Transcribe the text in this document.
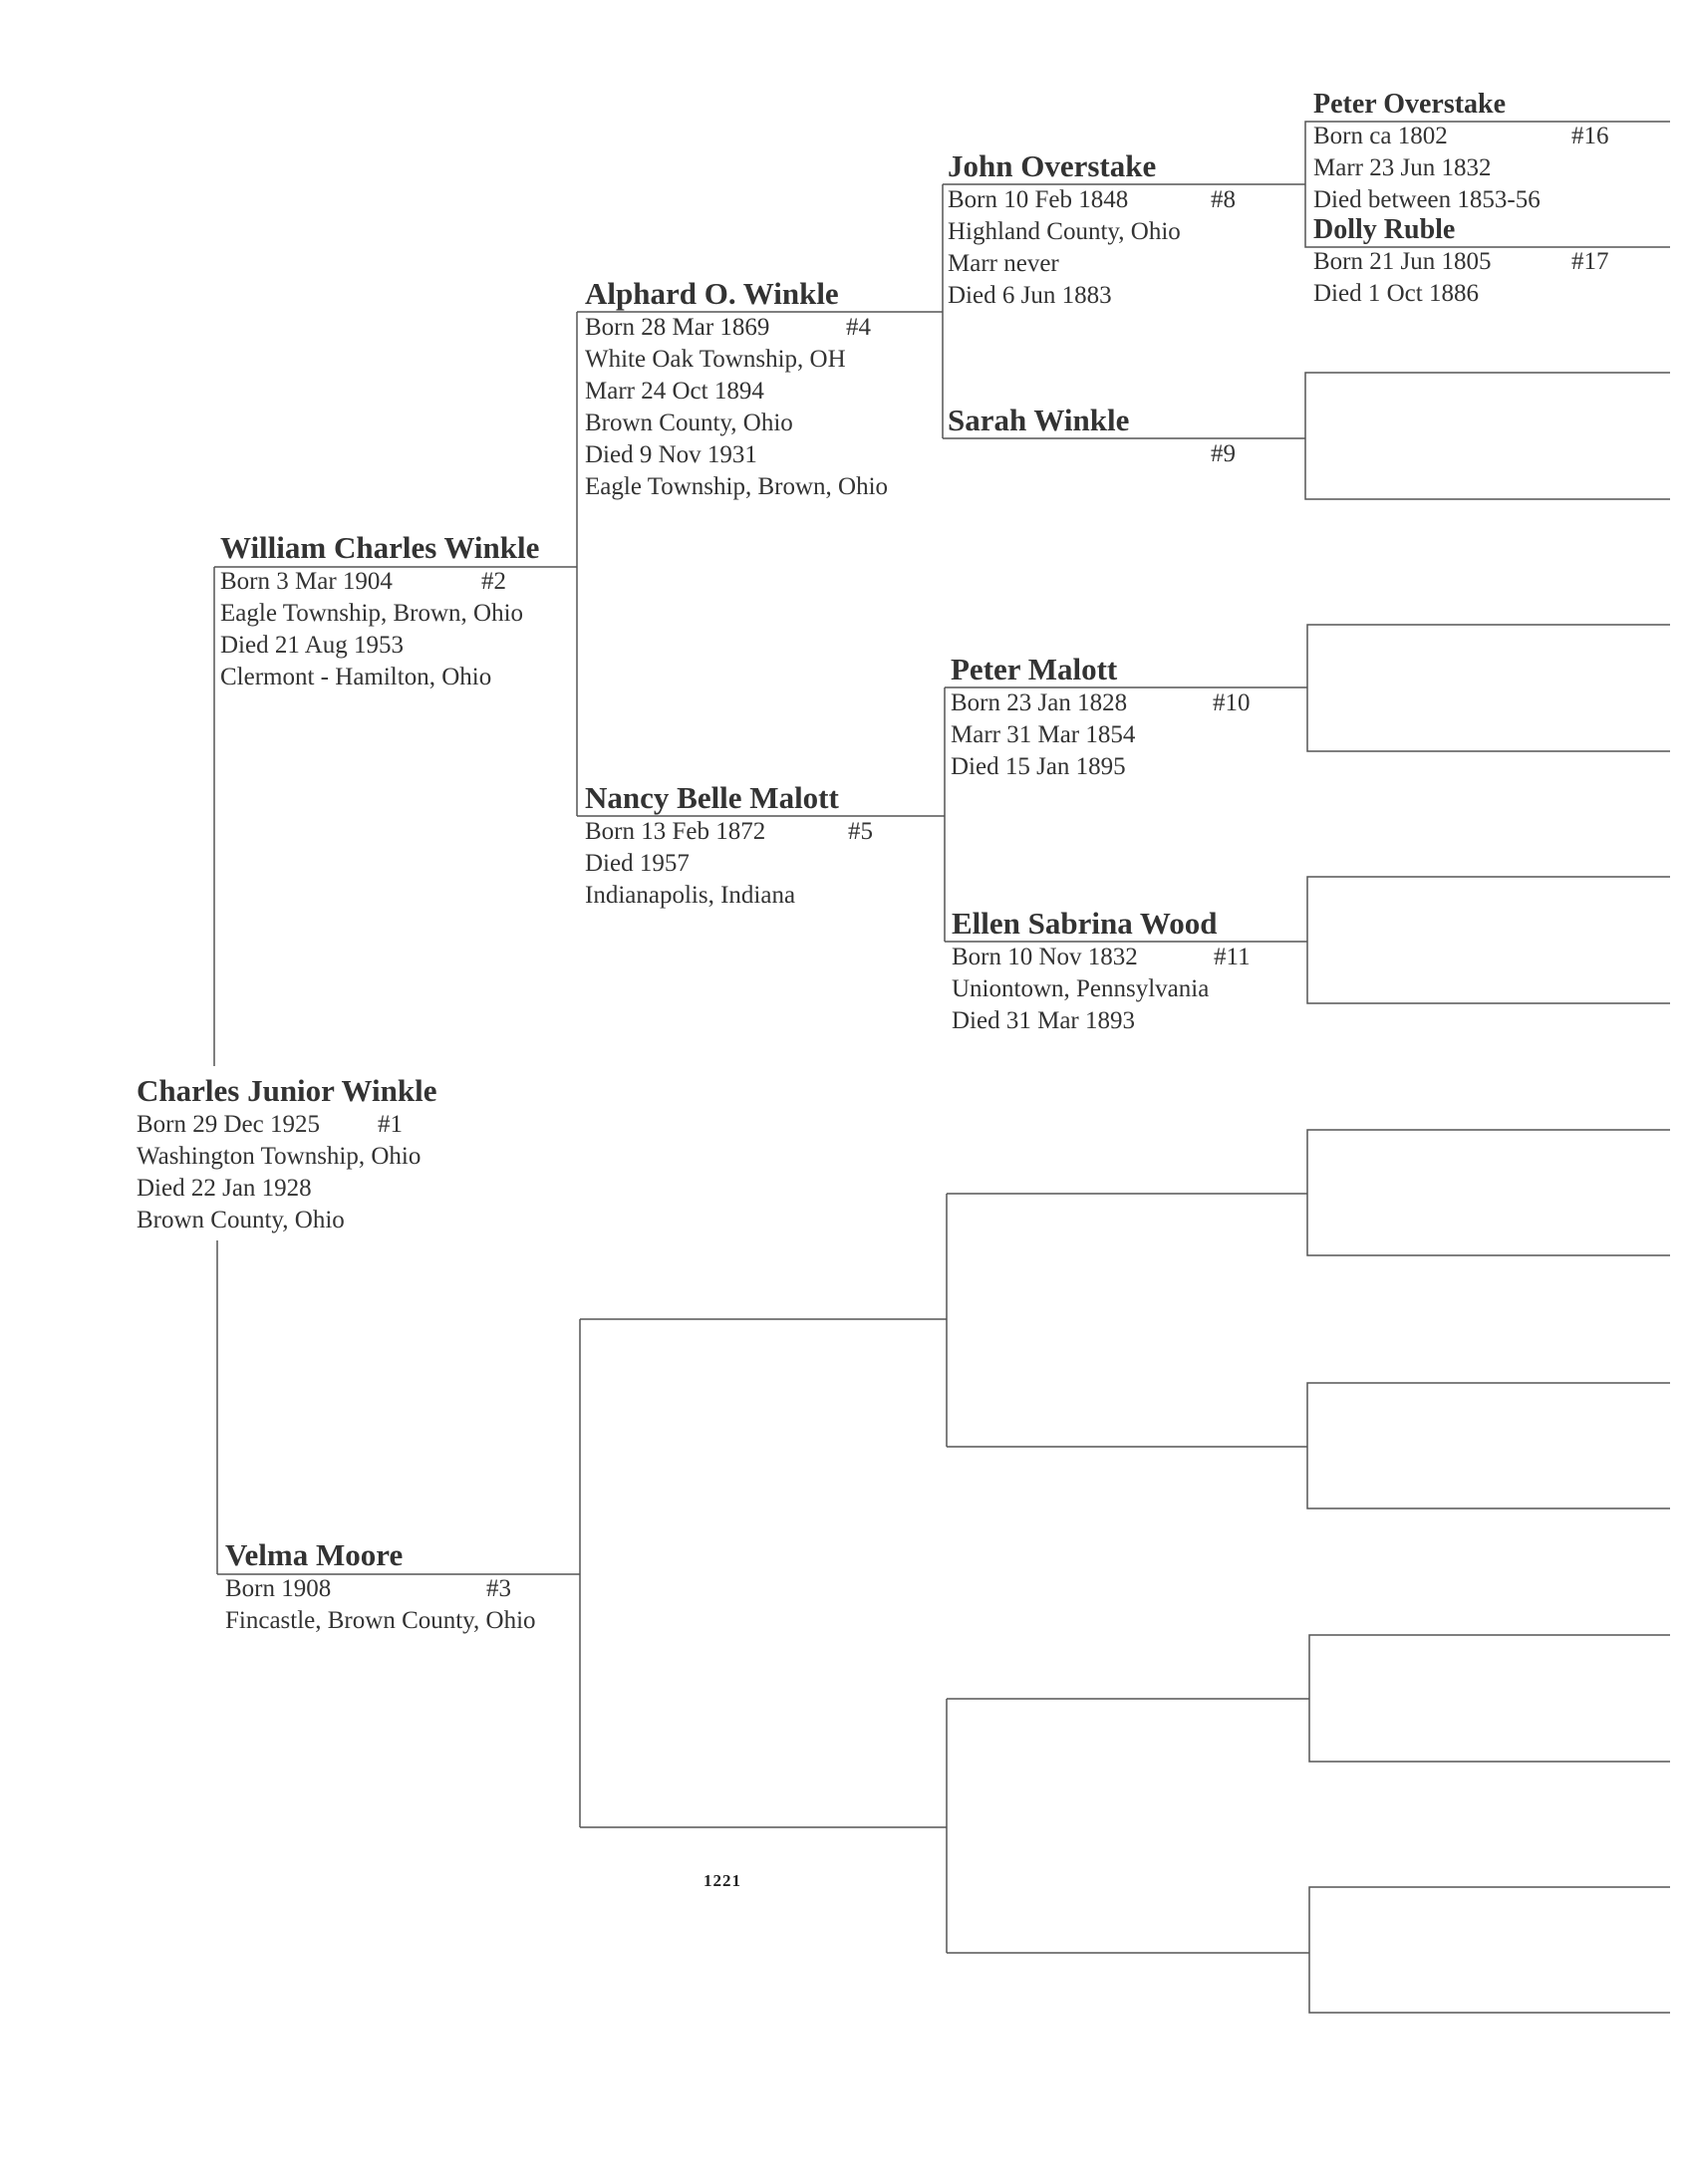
Charles Junior Winkle
Born 29 Dec 1925 #1
Washington Township, Ohio
Died 22 Jan 1928
Brown County, Ohio
William Charles Winkle
Born 3 Mar 1904	#2
Eagle Township, Brown, Ohio
Died 21 Aug 1953
Clermont - Hamilton, Ohio
Velma Moore
Born 1908	#3
Fincastle, Brown County, Ohio
Alphard O. Winkle
Born 28 Mar 1869	#4
White Oak Township, OH
Marr 24 Oct 1894
Brown County, Ohio
Died 9 Nov 1931
Eagle Township, Brown, Ohio
Nancy Belle Malott
Born 13 Feb 1872	#5
Died 1957
Indianapolis, Indiana
John Overstake
Born 10 Feb 1848	#8
Highland County, Ohio
Marr never
Died 6 Jun 1883
Sarah Winkle
#9

Peter Malott
Born 23 Jan 1828	#10
Marr 31 Mar 1854
Died 15 Jan 1895
Ellen Sabrina Wood
Born 10 Nov 1832	#11
Uniontown, Pennsylvania
Died 31 Mar 1893
Peter Overstake
Born ca 1802	#16
Marr 23 Jun 1832
Died between 1853-56
Dolly Ruble
Born 21 Jun 1805	#17
Died 1 Oct 1886
1221
